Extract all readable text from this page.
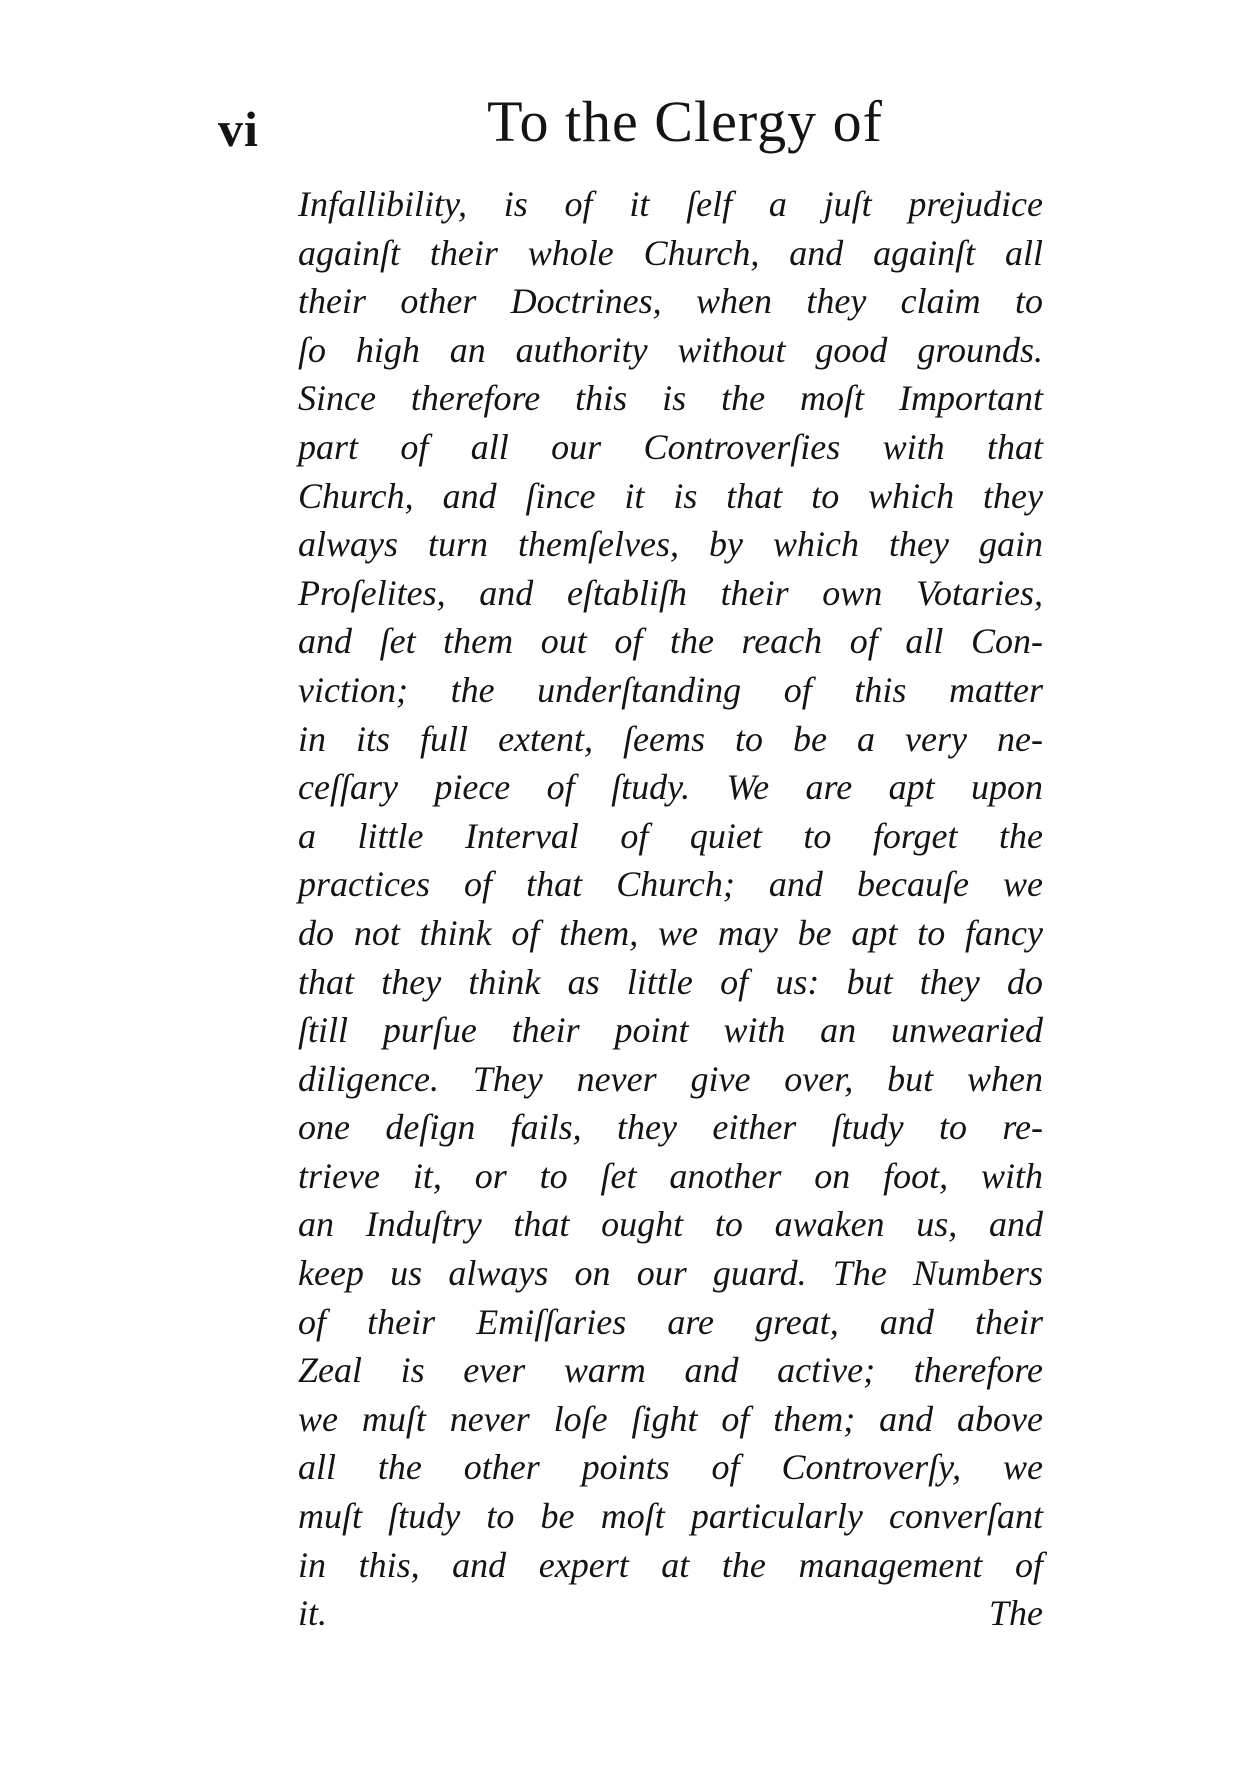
vi	To the Clergy of
Infallibility, is of it ſelf a juſt prejudice
againſt their whole Church, and againſt all
their other Doctrines, when they claim to
ſo high an authority without good grounds.
Since therefore this is the moſt Important
part of all our Controverſies with that
Church, and ſince it is that to which they
always turn themſelves, by which they gain
Proſelites, and eſtabliſh their own Votaries,
and ſet them out of the reach of all Con-
viction; the underſtanding of this matter
in its full extent, ſeems to be a very ne-
ceſſary piece of ſtudy. We are apt upon
a little Interval of quiet to forget the
practices of that Church; and becauſe we
do not think of them, we may be apt to fancy
that they think as little of us: but they do
ſtill purſue their point with an unwearied
diligence. They never give over, but when
one deſign fails, they either ſtudy to re-
trieve it, or to ſet another on foot, with
an Induſtry that ought to awaken us, and
keep us always on our guard. The Numbers
of their Emiſſaries are great, and their
Zeal is ever warm and active; therefore
we muſt never loſe ſight of them; and above
all the other points of Controverſy, we
muſt ſtudy to be moſt particularly converſant
in this, and expert at the management of
it.	The
